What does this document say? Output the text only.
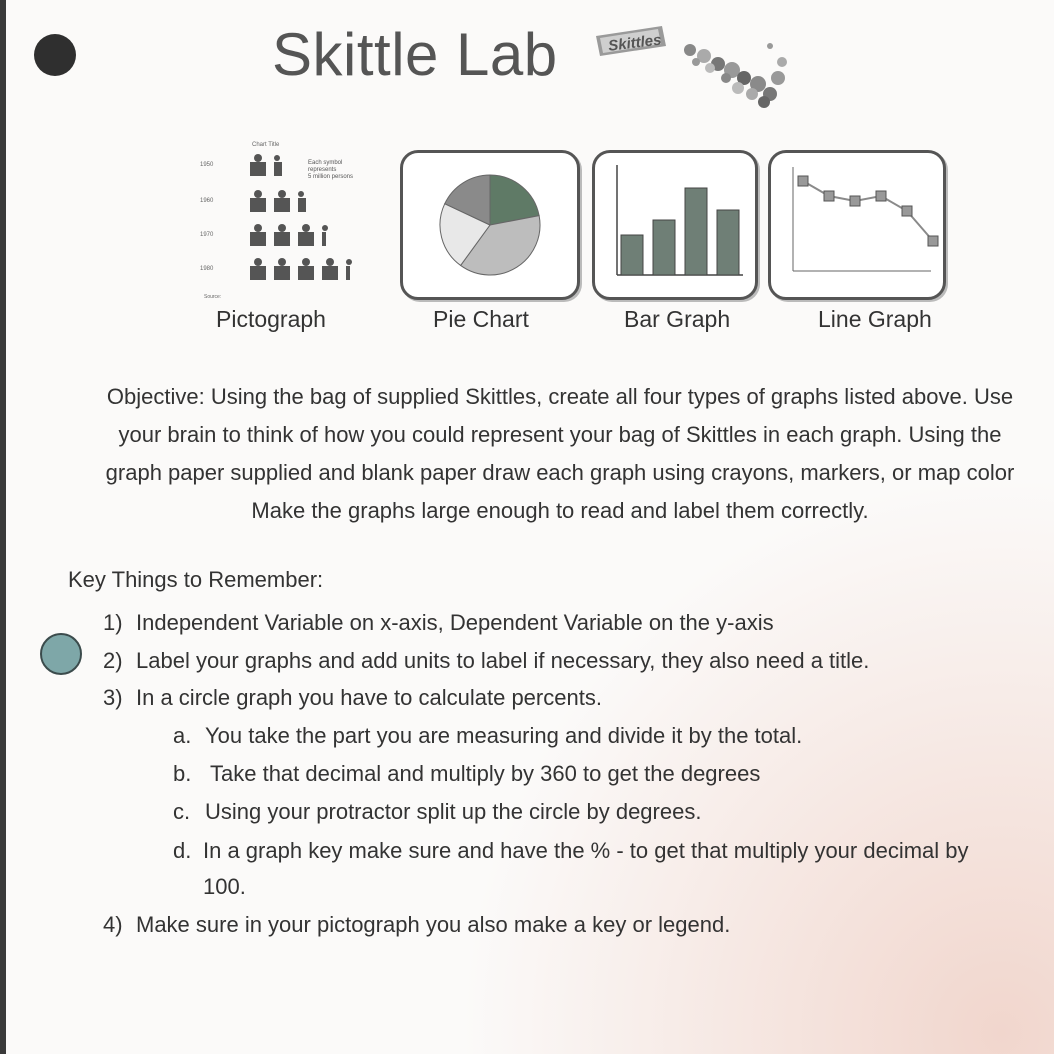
Skittle Lab	Skittles
Chart Title
Each symbol
represents
5 million persons
1950
1960
1970
1980
Source:
Pictograph	Pie Chart	Bar Graph	Line Graph
Objective: Using the bag of supplied Skittles, create all four types of graphs listed above. Use
your brain to think of how you could represent your bag of Skittles in each graph. Using the
graph paper supplied and blank paper draw each graph using crayons, markers, or map color
Make the graphs large enough to read and label them correctly.
Key Things to Remember:
1) Independent Variable on x-axis, Dependent Variable on the y-axis
2) Label your graphs and add units to label if necessary, they also need a title.
3) In a circle graph you have to calculate percents.
a. You take the part you are measuring and divide it by the total.
b. Take that decimal and multiply by 360 to get the degrees
c. Using your protractor split up the circle by degrees.
d. In a graph key make sure and have the % - to get that multiply your decimal by
100.
4) Make sure in your pictograph you also make a key or legend.
